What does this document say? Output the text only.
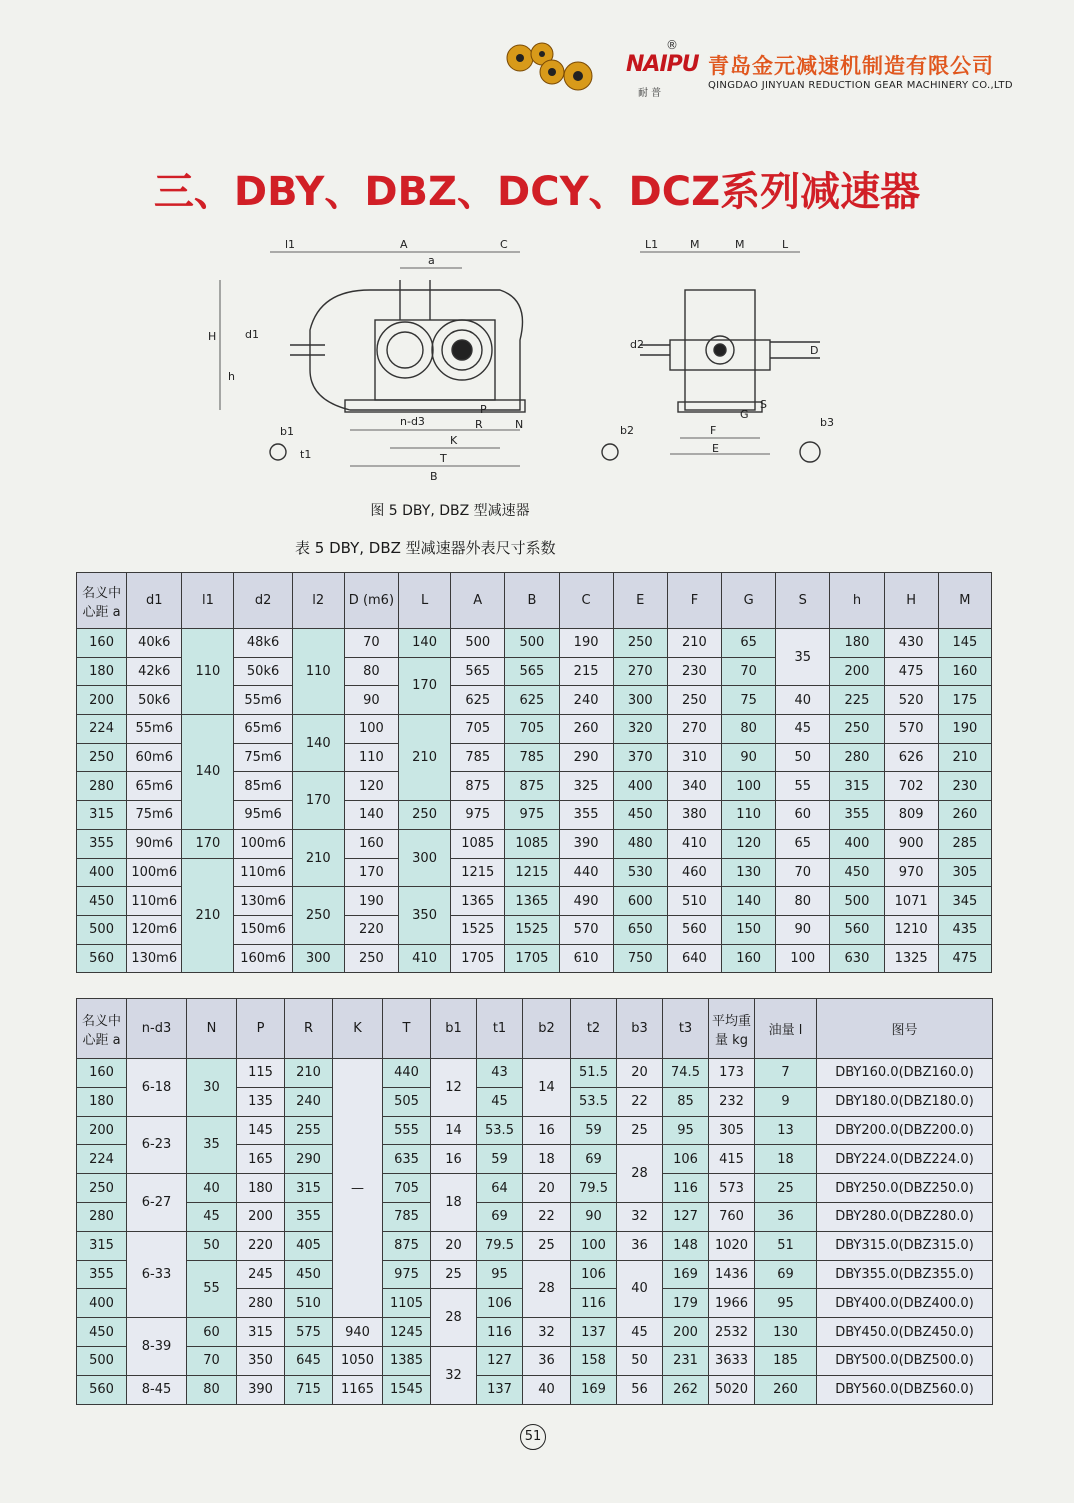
®
NAIPU
耐 普
青岛金元减速机制造有限公司
QINGDAO JINYUAN REDUCTION GEAR MACHINERY CO.,LTD
三、DBY、DBZ、DCY、DCZ系列减速器
l1	A
a
C
H	d1
h
b1
n-d3
P
R
K
T
B
N
t1
L1	M	M	L
d2	D
G
S
F
E
b2
b3
图 5 DBY, DBZ 型减速器
表 5 DBY, DBZ 型减速器外表尺寸系数
名义中心距 a	d1	l1	d2	l2	D (m6)	L	A	B	C	E	F	G	S	h	H	M
160	40k6	110	48k6	110	70	140	500	500	190	250	210	65	35	180	430	145
180	42k6		50k6		80	170	565	565	215	270	230	70		200	475	160
200	50k6		55m6		90		625	625	240	300	250	75	40	225	520	175
224	55m6	140	65m6	140	100	210	705	705	260	320	270	80	45	250	570	190
250	60m6		75m6		110		785	785	290	370	310	90	50	280	626	210
280	65m6		85m6	170	120		875	875	325	400	340	100	55	315	702	230
315	75m6		95m6		140	250	975	975	355	450	380	110	60	355	809	260
355	90m6	170	100m6	210	160	300	1085	1085	390	480	410	120	65	400	900	285
400	100m6	210	110m6		170		1215	1215	440	530	460	130	70	450	970	305
450	110m6		130m6	250	190	350	1365	1365	490	600	510	140	80	500	1071	345
500	120m6		150m6		220		1525	1525	570	650	560	150	90	560	1210	435
560	130m6		160m6	300	250	410	1705	1705	610	750	640	160	100	630	1325	475
名义中心距 a	n-d3	N	P	R	K	T	b1	t1	b2	t2	b3	t3	平均重量 kg	油量 l	图号
160	6-18	30	115	210	—	440	12	43	14	51.5	20	74.5	173	7	DBY160.0(DBZ160.0)
180			135	240		505		45		53.5	22	85	232	9	DBY180.0(DBZ180.0)
200	6-23	35	145	255		555	14	53.5	16	59	25	95	305	13	DBY200.0(DBZ200.0)
224			165	290		635	16	59	18	69	28	106	415	18	DBY224.0(DBZ224.0)
250	6-27	40	180	315		705	18	64	20	79.5		116	573	25	DBY250.0(DBZ250.0)
280		45	200	355		785		69	22	90	32	127	760	36	DBY280.0(DBZ280.0)
315	6-33	50	220	405		875	20	79.5	25	100	36	148	1020	51	DBY315.0(DBZ315.0)
355		55	245	450		975	25	95	28	106	40	169	1436	69	DBY355.0(DBZ355.0)
400			280	510		1105	28	106		116		179	1966	95	DBY400.0(DBZ400.0)
450	8-39	60	315	575	940	1245		116	32	137	45	200	2532	130	DBY450.0(DBZ450.0)
500		70	350	645	1050	1385	32	127	36	158	50	231	3633	185	DBY500.0(DBZ500.0)
560	8-45	80	390	715	1165	1545		137	40	169	56	262	5020	260	DBY560.0(DBZ560.0)
51
